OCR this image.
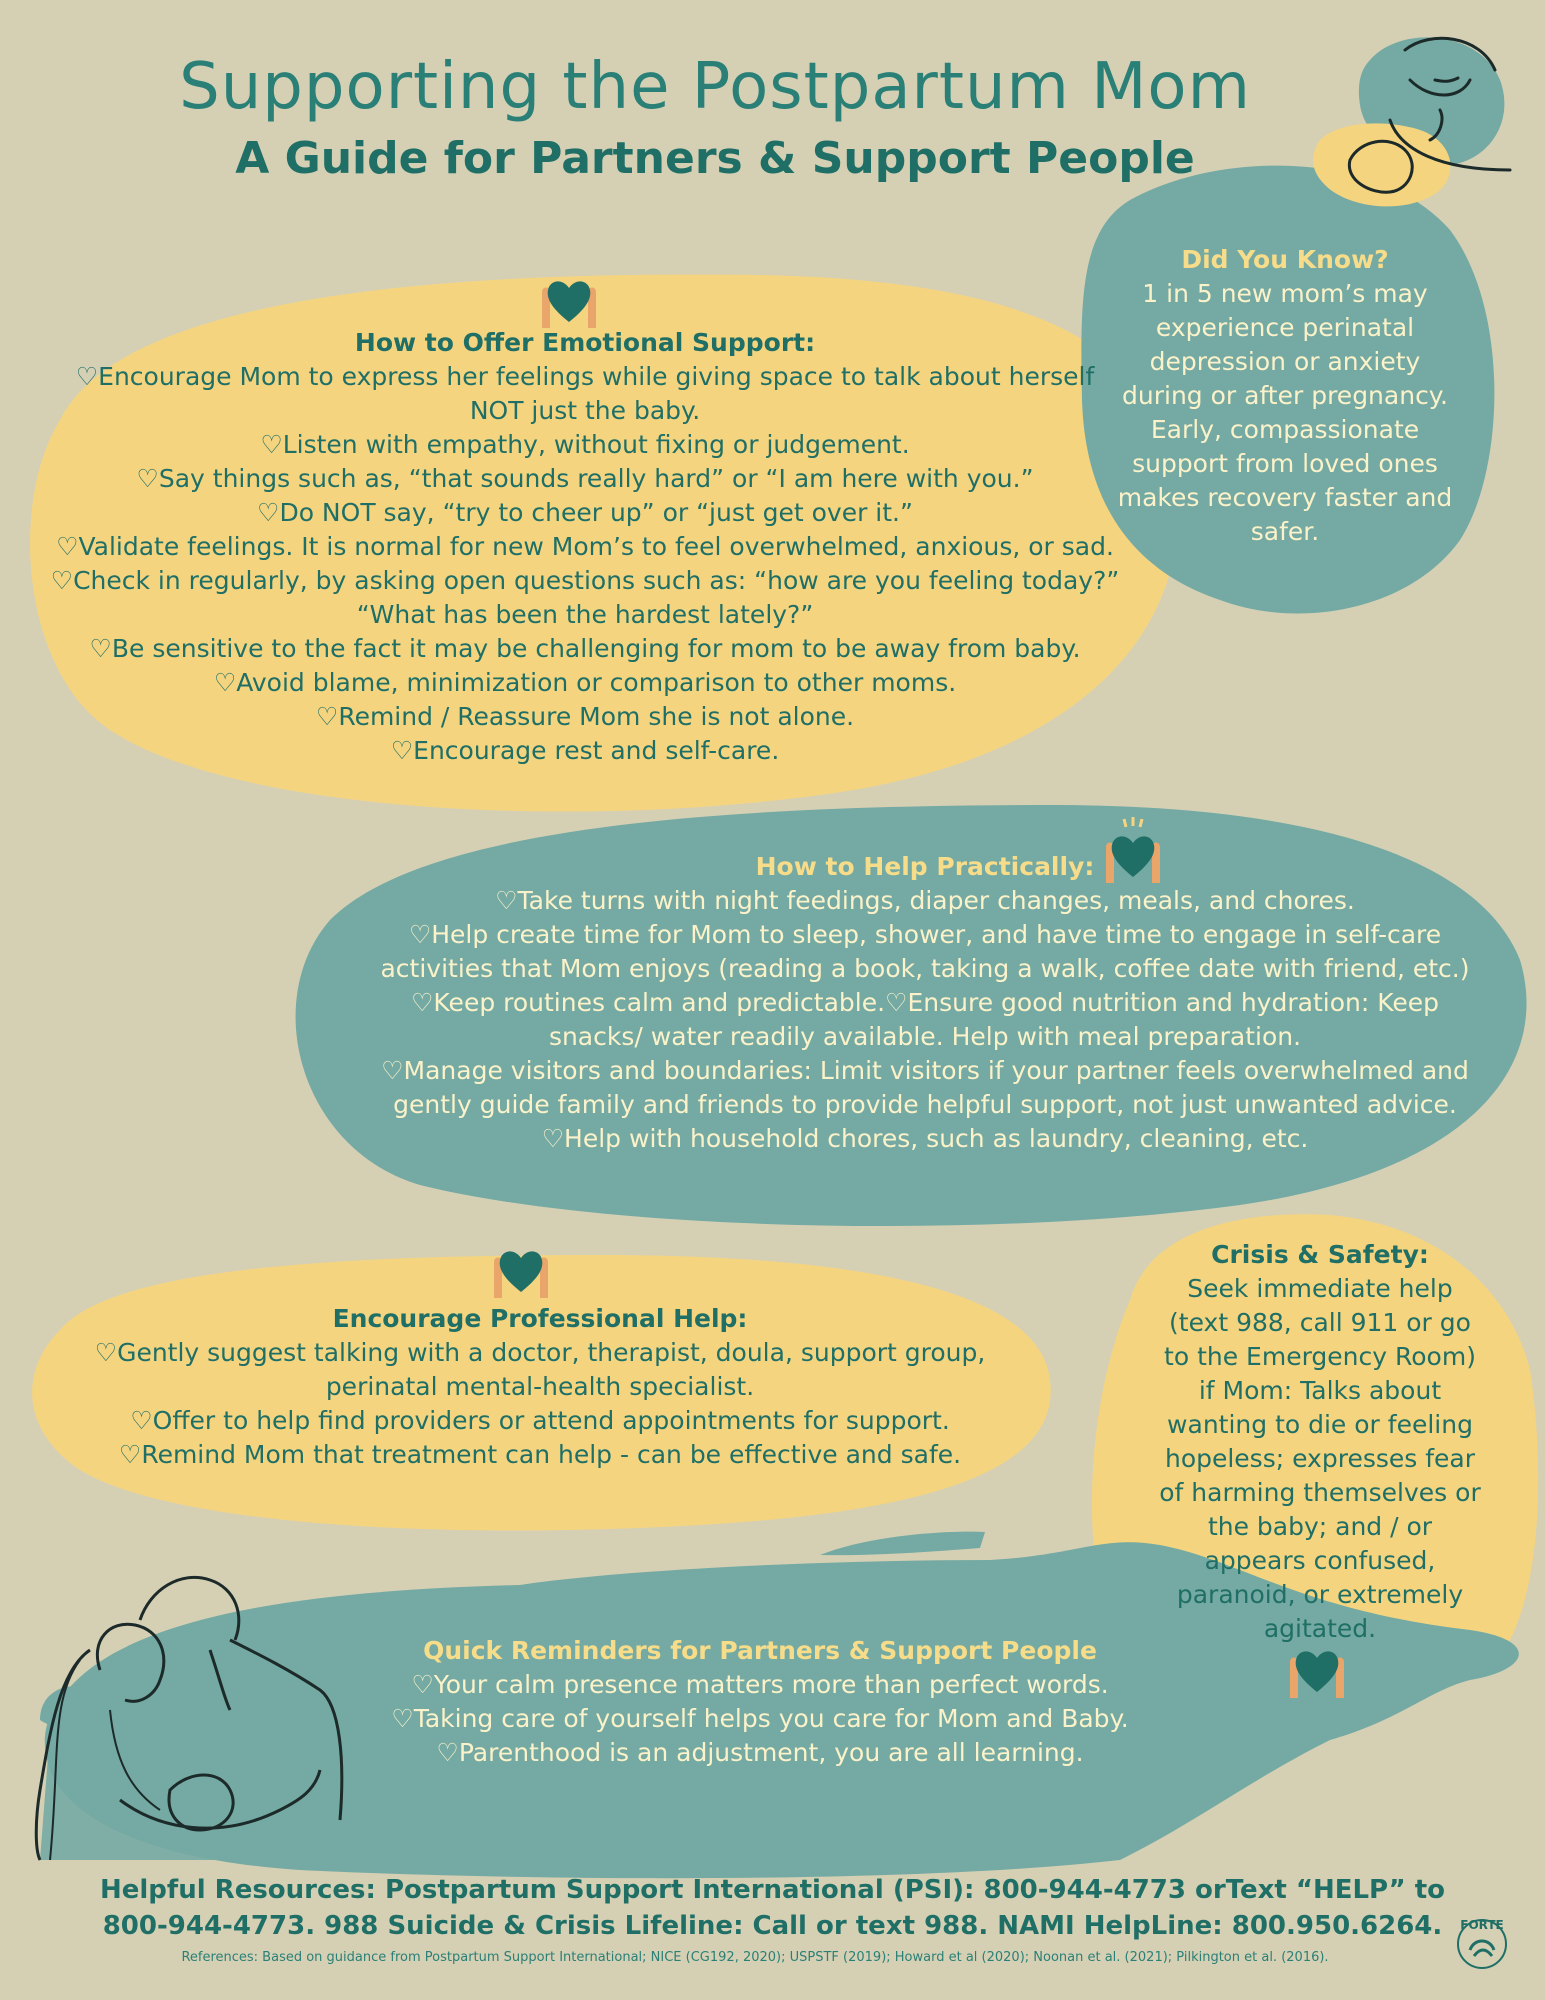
Supporting the Postpartum Mom
A Guide for Partners & Support People
Did You Know?
1 in 5 new mom’s may
experience perinatal
depression or anxiety
during or after pregnancy.
Early, compassionate
support from loved ones
makes recovery faster and
safer.
How to Offer Emotional Support:
♡Encourage Mom to express her feelings while giving space to talk about herself
NOT just the baby.
♡Listen with empathy, without fixing or judgement.
♡Say things such as, “that sounds really hard” or “I am here with you.”
♡Do NOT say, “try to cheer up” or “just get over it.”
♡Validate feelings. It is normal for new Mom’s to feel overwhelmed, anxious, or sad.
♡Check in regularly, by asking open questions such as: “how are you feeling today?”
“What has been the hardest lately?”
♡Be sensitive to the fact it may be challenging for mom to be away from baby.
♡Avoid blame, minimization or comparison to other moms.
♡Remind / Reassure Mom she is not alone.
♡Encourage rest and self-care.
How to Help Practically:
♡Take turns with night feedings, diaper changes, meals, and chores.
♡Help create time for Mom to sleep, shower, and have time to engage in self-care
activities that Mom enjoys (reading a book, taking a walk, coffee date with friend, etc.)
♡Keep routines calm and predictable.♡Ensure good nutrition and hydration: Keep
snacks/ water readily available. Help with meal preparation.
♡Manage visitors and boundaries: Limit visitors if your partner feels overwhelmed and
gently guide family and friends to provide helpful support, not just unwanted advice.
♡Help with household chores, such as laundry, cleaning, etc.
Encourage Professional Help:
♡Gently suggest talking with a doctor, therapist, doula, support group,
perinatal mental-health specialist.
♡Offer to help find providers or attend appointments for support.
♡Remind Mom that treatment can help - can be effective and safe.
Crisis & Safety:
Seek immediate help
(text 988, call 911 or go
to the Emergency Room)
if Mom: Talks about
wanting to die or feeling
hopeless; expresses fear
of harming themselves or
the baby; and / or
appears confused,
paranoid, or extremely
agitated.
Quick Reminders for Partners & Support People
♡Your calm presence matters more than perfect words.
♡Taking care of yourself helps you care for Mom and Baby.
♡Parenthood is an adjustment, you are all learning.
Helpful Resources: Postpartum Support International (PSI): 800-944-4773 orText “HELP” to
800-944-4773. 988 Suicide & Crisis Lifeline: Call or text 988. NAMI HelpLine: 800.950.6264.
References: Based on guidance from Postpartum Support International; NICE (CG192, 2020); USPSTF (2019); Howard et al (2020); Noonan et al. (2021); Pilkington et al. (2016).
FORTE
